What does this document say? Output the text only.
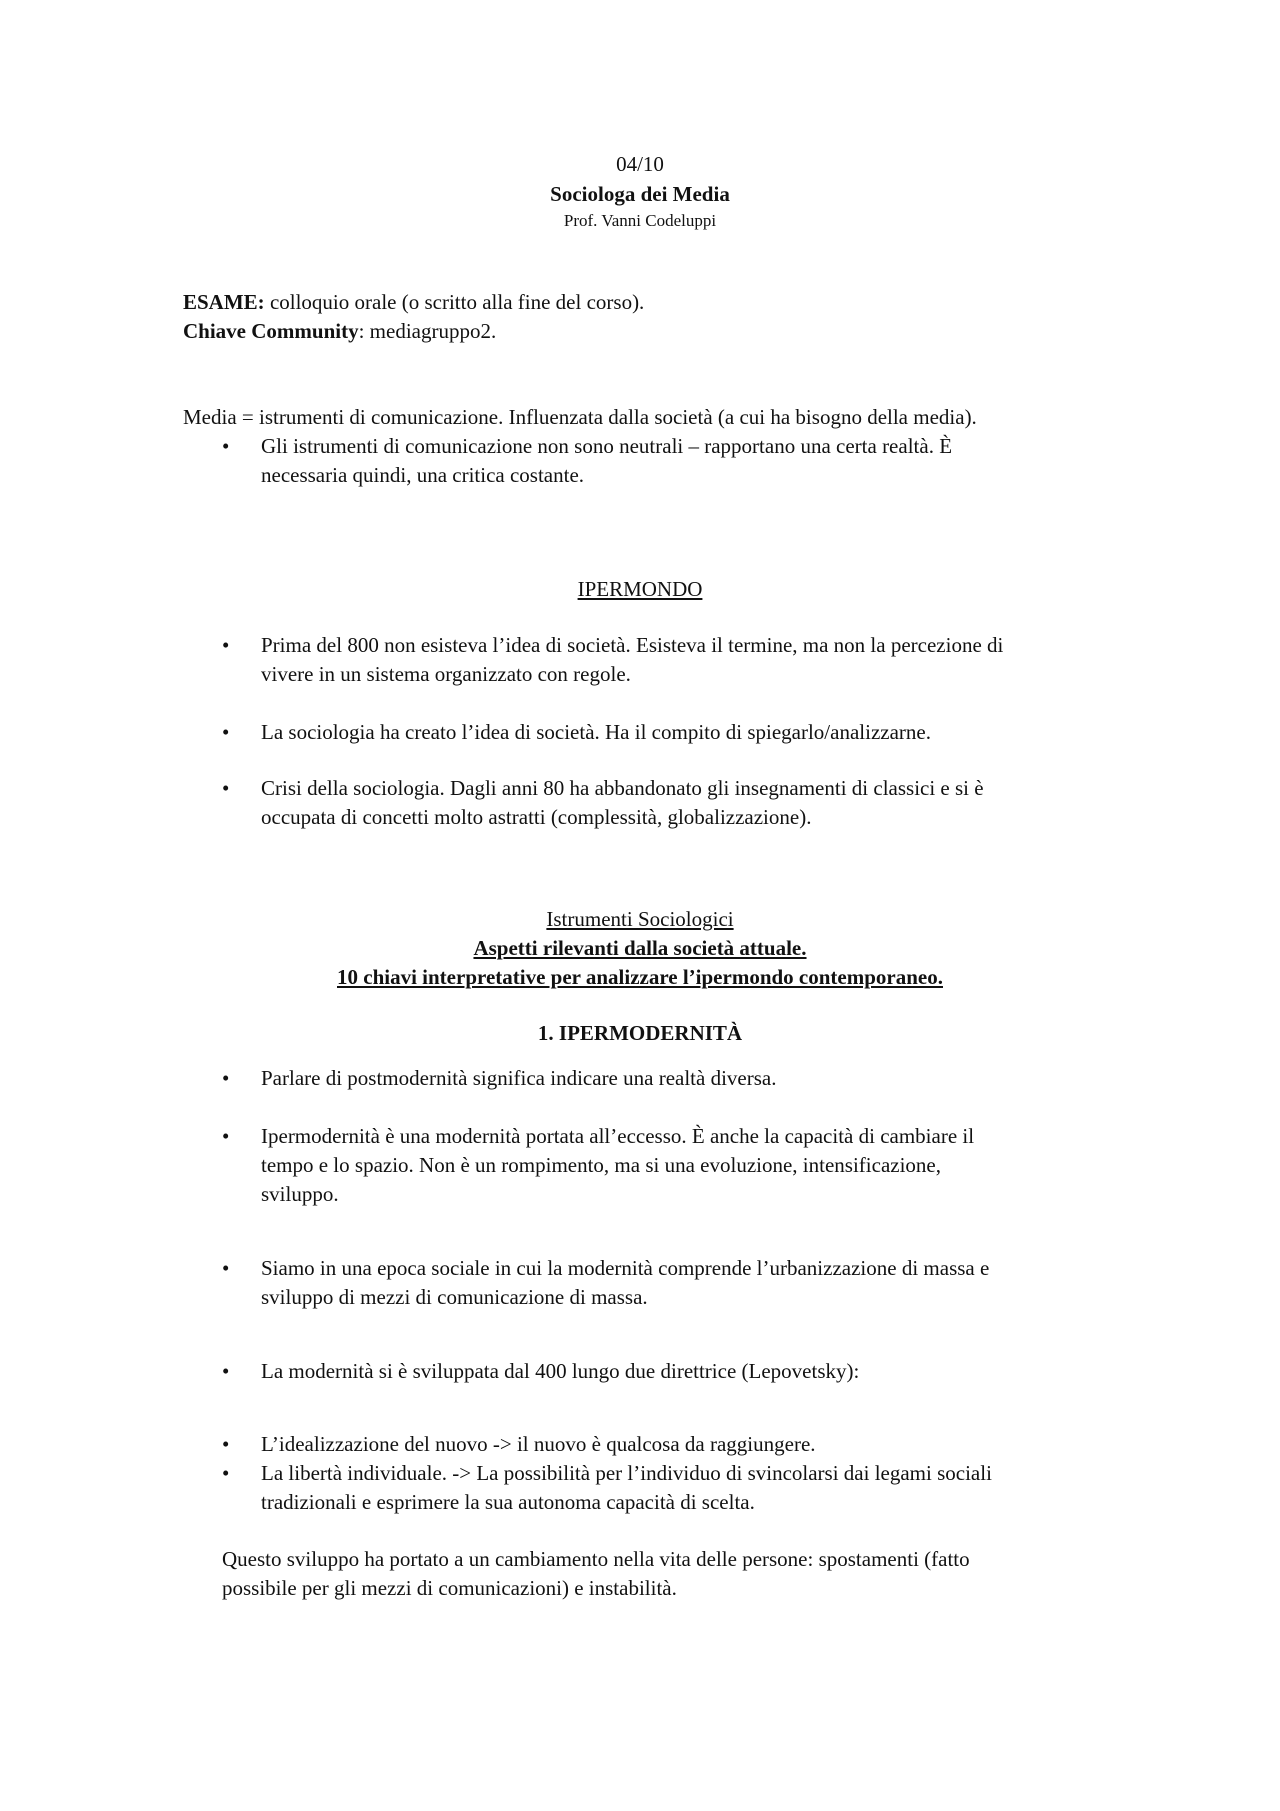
04/10
Sociologa dei Media
Prof. Vanni Codeluppi
ESAME: colloquio orale (o scritto alla fine del corso).
Chiave Community: mediagruppo2.
Media = istrumenti di comunicazione. Influenzata dalla società (a cui ha bisogno della media).
• Gli istrumenti di comunicazione non sono neutrali – rapportano una certa realtà. È
necessaria quindi, una critica costante.
IPERMONDO
• Prima del 800 non esisteva l’idea di società. Esisteva il termine, ma non la percezione di
vivere in un sistema organizzato con regole.
• La sociologia ha creato l’idea di società. Ha il compito di spiegarlo/analizzarne.
• Crisi della sociologia. Dagli anni 80 ha abbandonato gli insegnamenti di classici e si è
occupata di concetti molto astratti (complessità, globalizzazione).
Istrumenti Sociologici
Aspetti rilevanti dalla società attuale.
10 chiavi interpretative per analizzare l’ipermondo contemporaneo.
1. IPERMODERNITÀ
• Parlare di postmodernità significa indicare una realtà diversa.
• Ipermodernità è una modernità portata all’eccesso. È anche la capacità di cambiare il
tempo e lo spazio. Non è un rompimento, ma si una evoluzione, intensificazione,
sviluppo.
• Siamo in una epoca sociale in cui la modernità comprende l’urbanizzazione di massa e
sviluppo di mezzi di comunicazione di massa.
• La modernità si è sviluppata dal 400 lungo due direttrice (Lepovetsky):
• L’idealizzazione del nuovo -> il nuovo è qualcosa da raggiungere.
• La libertà individuale. -> La possibilità per l’individuo di svincolarsi dai legami sociali
tradizionali e esprimere la sua autonoma capacità di scelta.
Questo sviluppo ha portato a un cambiamento nella vita delle persone: spostamenti (fatto
possibile per gli mezzi di comunicazioni) e instabilità.
